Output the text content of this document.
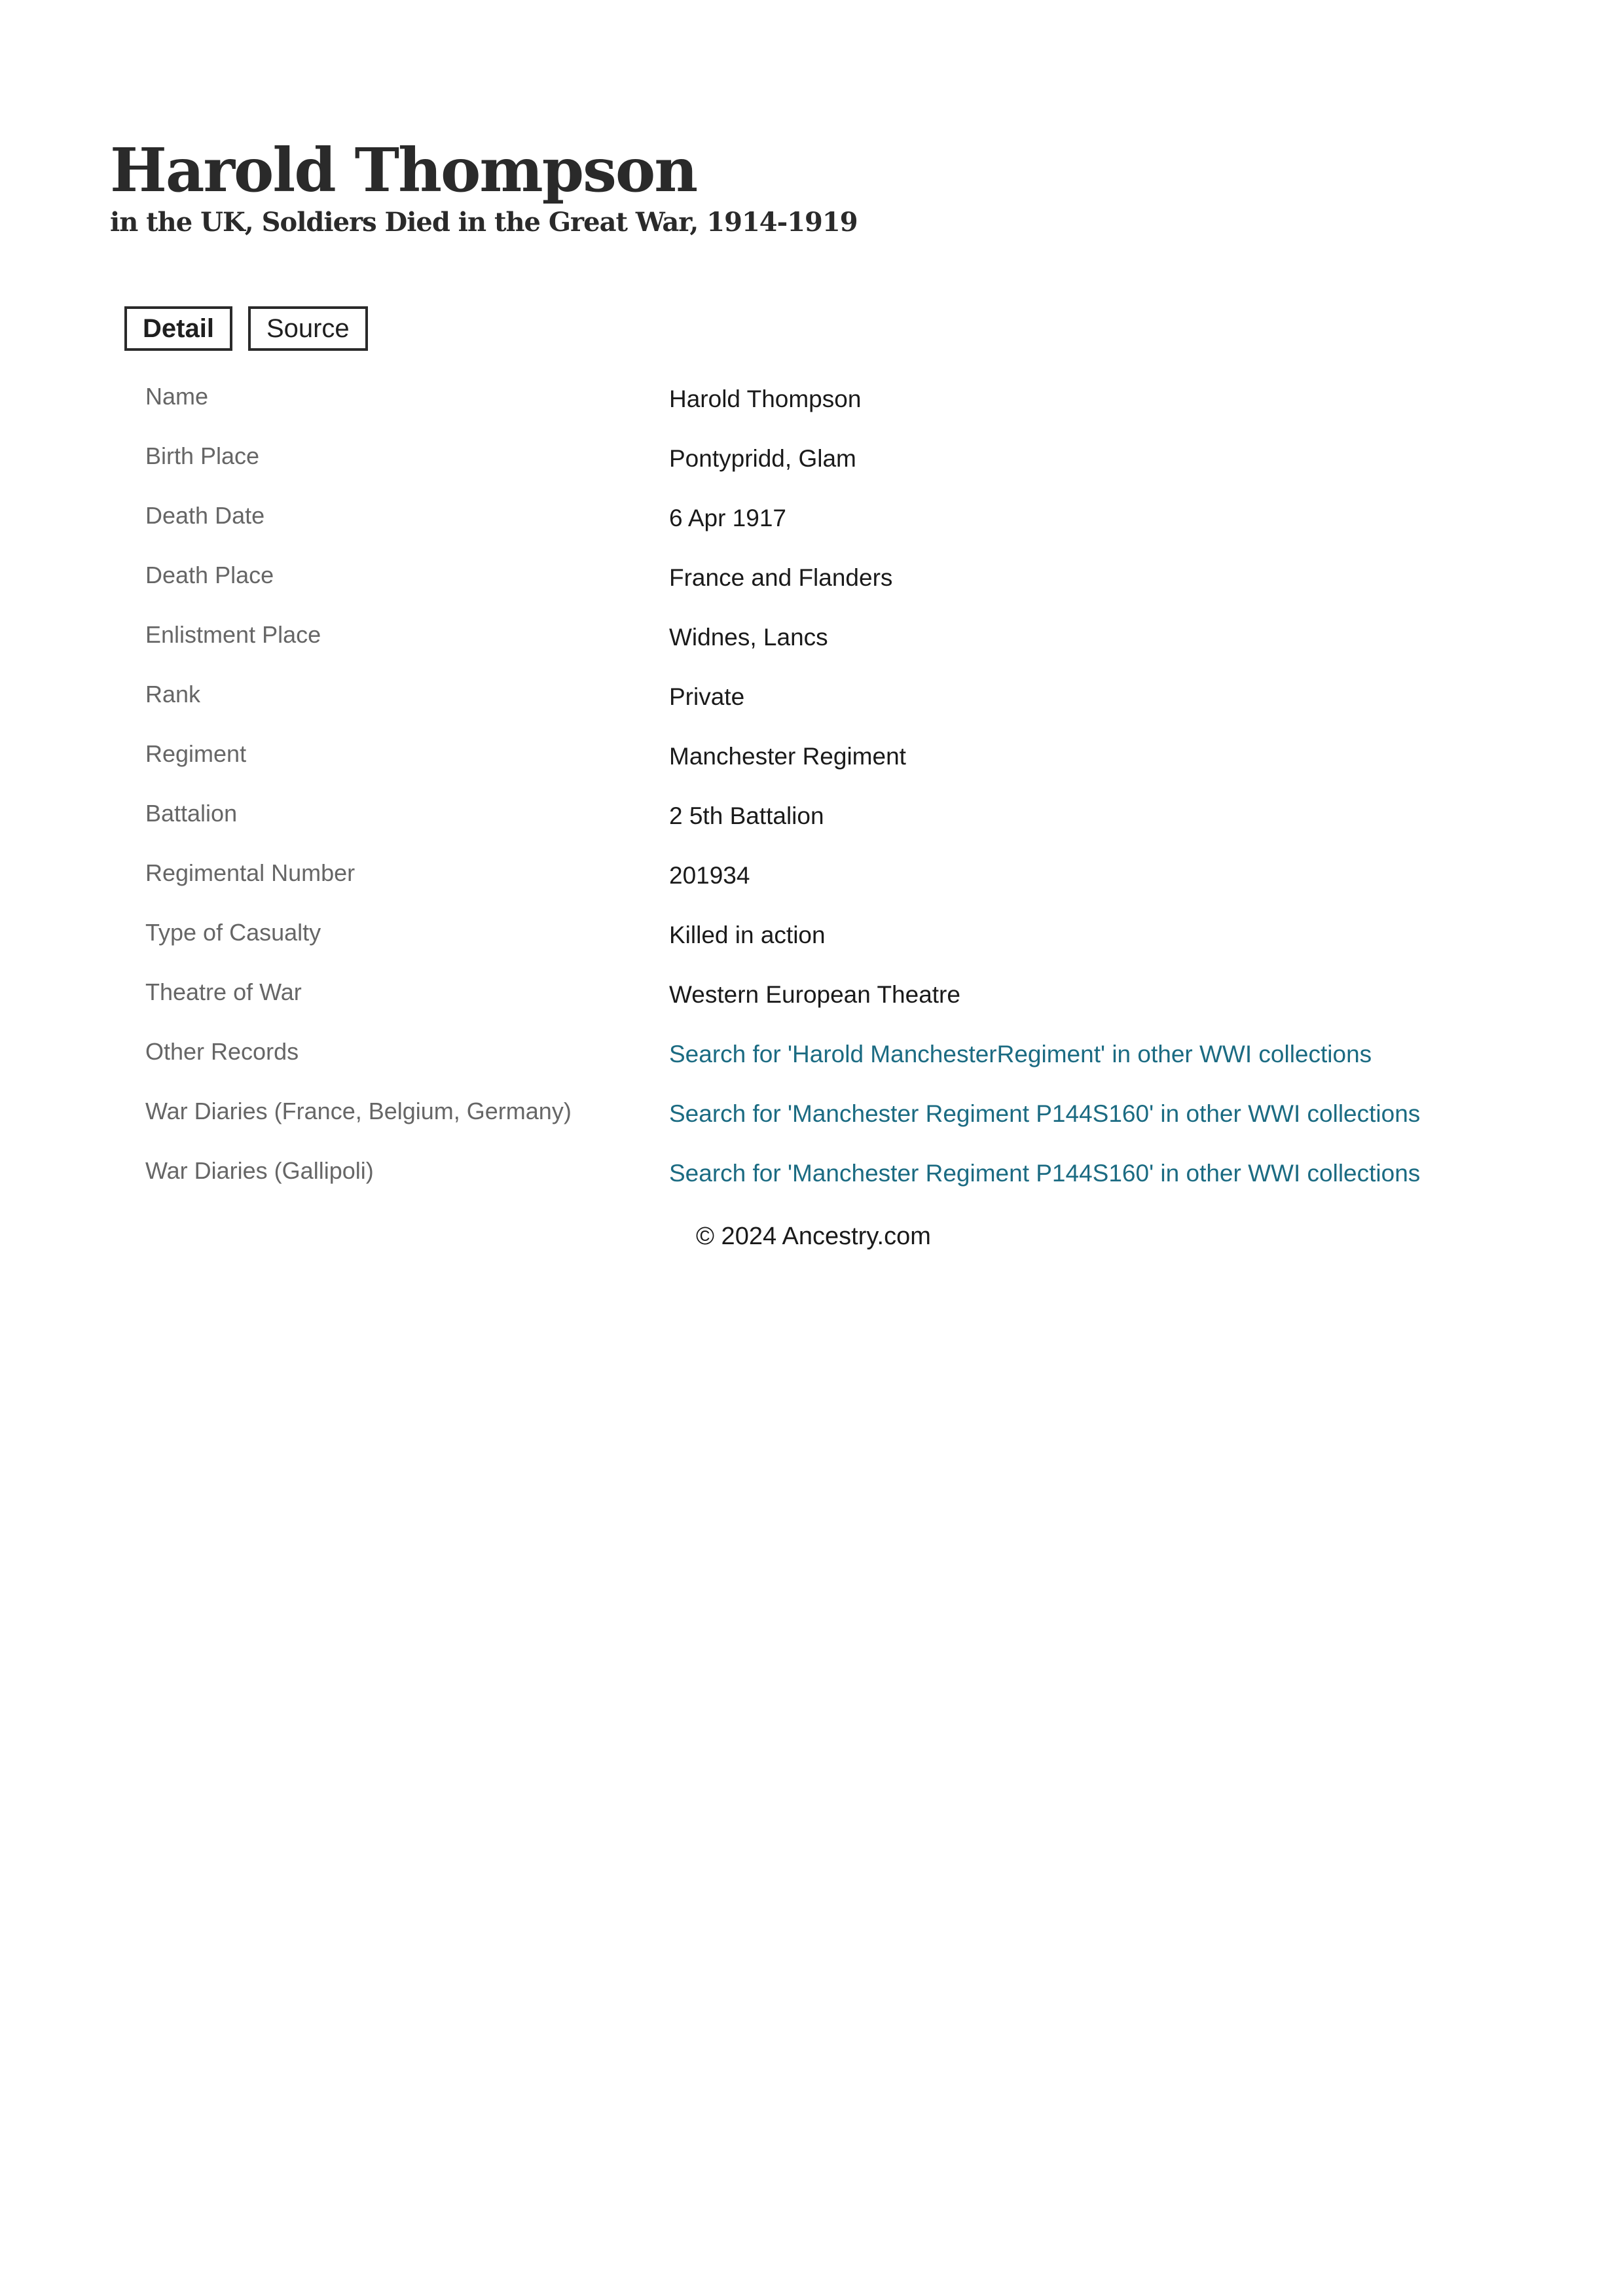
Harold Thompson
in the UK, Soldiers Died in the Great War, 1914-1919
Detail	Source
Name	Harold Thompson
Birth Place	Pontypridd, Glam
Death Date	6 Apr 1917
Death Place	France and Flanders
Enlistment Place	Widnes, Lancs
Rank	Private
Regiment	Manchester Regiment
Battalion	2 5th Battalion
Regimental Number	201934
Type of Casualty	Killed in action
Theatre of War	Western European Theatre
Other Records	Search for 'Harold ManchesterRegiment' in other WWI collections
War Diaries (France, Belgium, Germany)	Search for 'Manchester Regiment P144S160' in other WWI collections
War Diaries (Gallipoli)	Search for 'Manchester Regiment P144S160' in other WWI collections
© 2024 Ancestry.com
